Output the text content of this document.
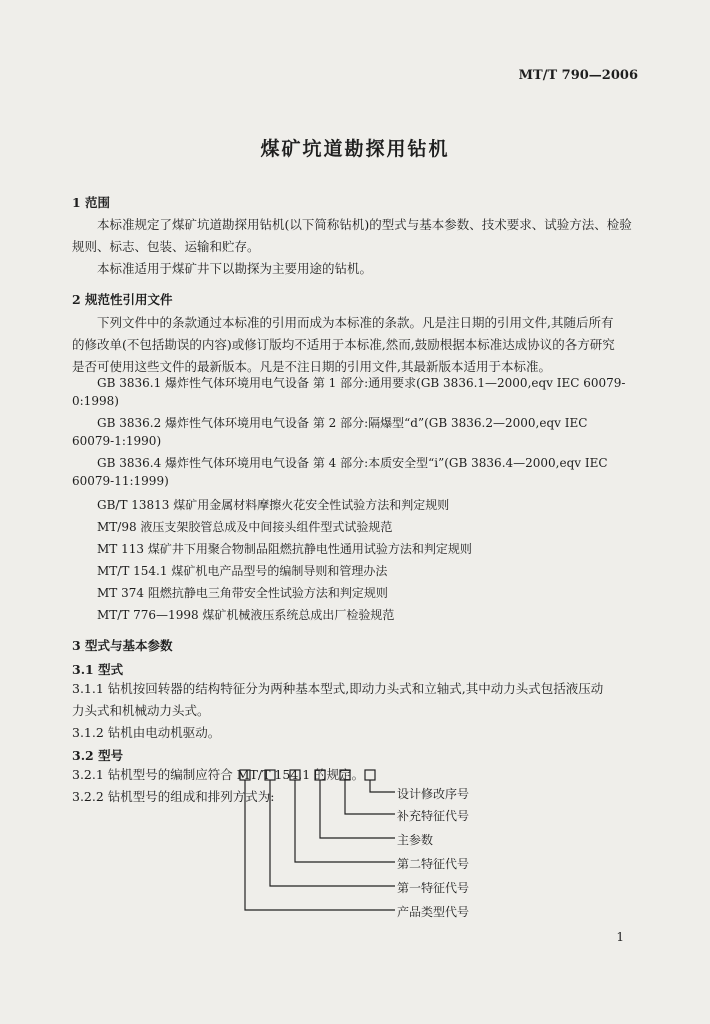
MT/T 790—2006
煤矿坑道勘探用钻机
1 范围
本标准规定了煤矿坑道勘探用钻机(以下简称钻机)的型式与基本参数、技术要求、试验方法、检验
规则、标志、包装、运输和贮存。
本标准适用于煤矿井下以勘探为主要用途的钻机。
2 规范性引用文件
下列文件中的条款通过本标准的引用而成为本标准的条款。凡是注日期的引用文件,其随后所有
的修改单(不包括勘误的内容)或修订版均不适用于本标准,然而,鼓励根据本标准达成协议的各方研究
是否可使用这些文件的最新版本。凡是不注日期的引用文件,其最新版本适用于本标准。
GB 3836.1 爆炸性气体环境用电气设备 第 1 部分:通用要求(GB 3836.1—2000,eqv IEC 60079-
0:1998)
GB 3836.2 爆炸性气体环境用电气设备 第 2 部分:隔爆型“d”(GB 3836.2—2000,eqv IEC
60079-1:1990)
GB 3836.4 爆炸性气体环境用电气设备 第 4 部分:本质安全型“i”(GB 3836.4—2000,eqv IEC
60079-11:1999)
GB/T 13813 煤矿用金属材料摩擦火花安全性试验方法和判定规则
MT/98 液压支架胶管总成及中间接头组件型式试验规范
MT 113 煤矿井下用聚合物制品阻燃抗静电性通用试验方法和判定规则
MT/T 154.1 煤矿机电产品型号的编制导则和管理办法
MT 374 阻燃抗静电三角带安全性试验方法和判定规则
MT/T 776—1998 煤矿机械液压系统总成出厂检验规范
3 型式与基本参数
3.1 型式
3.1.1 钻机按回转器的结构特征分为两种基本型式,即动力头式和立轴式,其中动力头式包括液压动
力头式和机械动力头式。
3.1.2 钻机由电动机驱动。
3.2 型号
3.2.1 钻机型号的编制应符合 MT/T 154.1 的规定。
3.2.2 钻机型号的组成和排列方式为:	设计修改序号
补充特征代号
主参数
第二特征代号
第一特征代号
产品类型代号
1
